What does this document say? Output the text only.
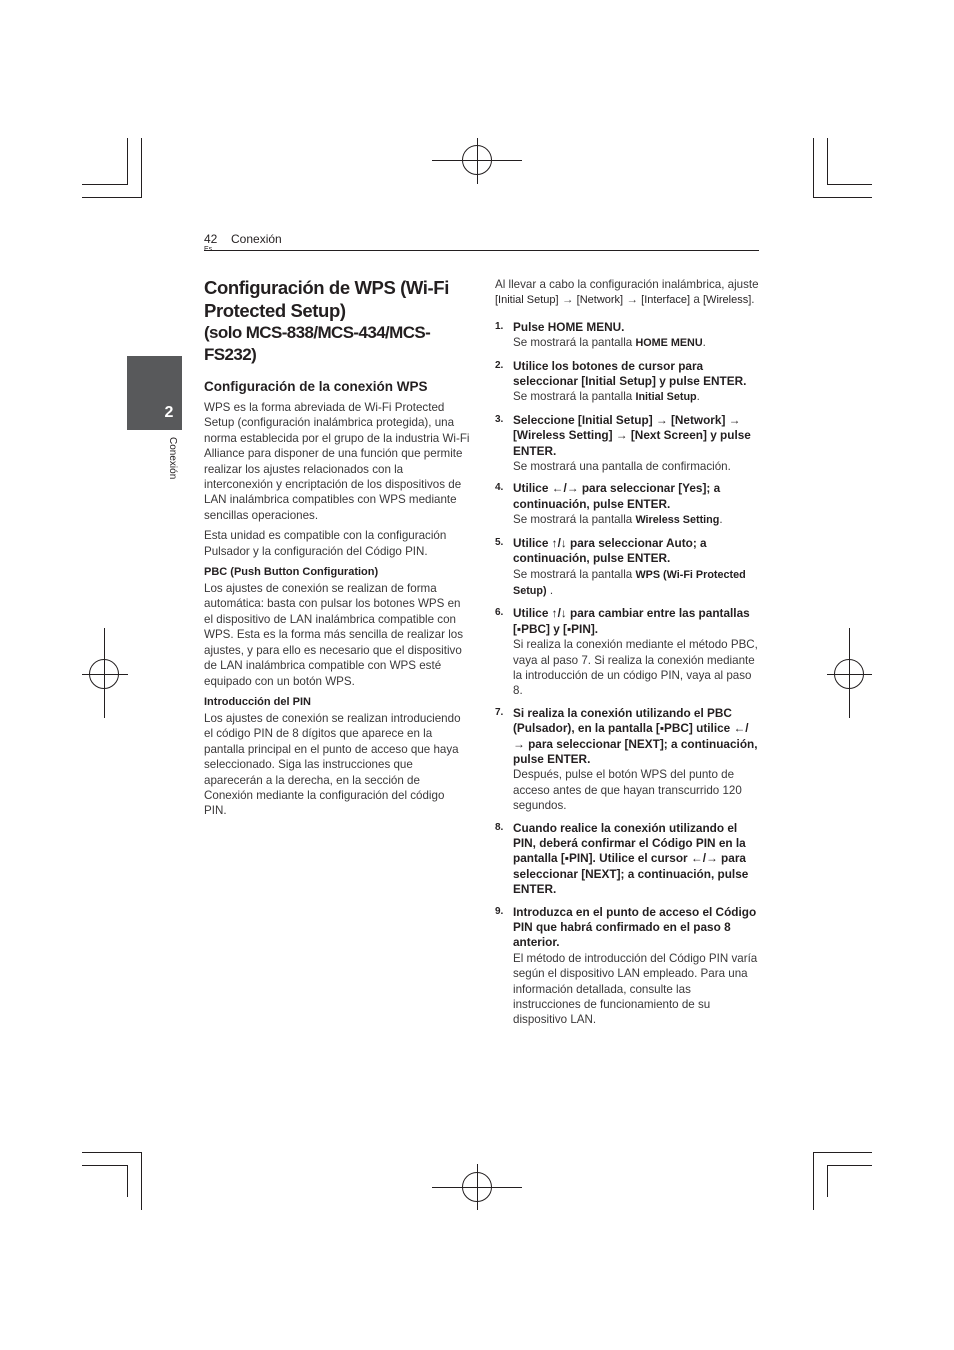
42 Conexión
2
Conexión
Configuración de WPS (Wi-Fi
Protected Setup)
(solo MCS-838/MCS-434/MCS-FS232)
Configuración de la conexión WPS

WPS es la forma abreviada de Wi-Fi Protected Setup (configuración inalámbrica protegida), una norma establecida por el grupo de la industria Wi-Fi Alliance para disponer de una función que permite realizar los ajustes relacionados con la interconexión y encriptación de los dispositivos de LAN inalámbrica compatibles con WPS mediante sencillas operaciones.

Esta unidad es compatible con la configuración Pulsador y la configuración del Código PIN.

PBC (Push Button Configuration)

Los ajustes de conexión se realizan de forma automática: basta con pulsar los botones WPS en el dispositivo de LAN inalámbrica compatible con WPS. Esta es la forma más sencilla de realizar los ajustes, y para ello es necesario que el dispositivo de LAN inalámbrica compatible con WPS esté equipado con un botón WPS.

Introducción del PIN

Los ajustes de conexión se realizan introduciendo el código PIN de 8 dígitos que aparece en la pantalla principal en el punto de acceso que haya seleccionado. Siga las instrucciones que aparecerán a la derecha, en la sección de Conexión mediante la configuración del código PIN.

Al llevar a cabo la configuración inalámbrica, ajuste [Initial Setup] → [Network] → [Interface] a [Wireless].

1. Pulse HOME MENU.

Se mostrará la pantalla HOME MENU.

2. Utilice los botones de cursor para seleccionar [Initial Setup] y pulse ENTER.

Se mostrará la pantalla Initial Setup.

3. Seleccione [Initial Setup] → [Network] → [Wireless Setting] → [Next Screen] y pulse ENTER.

Se mostrará una pantalla de confirmación.

4. Utilice ←/→ para seleccionar [Yes]; a continuación, pulse ENTER.

Se mostrará la pantalla Wireless Setting.

5. Utilice ↑/↓ para seleccionar Auto; a continuación, pulse ENTER.

Se mostrará la pantalla WPS (Wi-Fi Protected Setup) .

6. Utilice ↑/↓ para cambiar entre las pantallas [▪PBC] y [▪PIN].

Si realiza la conexión mediante el método PBC, vaya al paso 7. Si realiza la conexión mediante la introducción de un código PIN, vaya al paso 8.

7. Si realiza la conexión utilizando el PBC (Pulsador), en la pantalla [▪PBC] utilice ←/→ para seleccionar [NEXT]; a continuación, pulse ENTER.

Después, pulse el botón WPS del punto de acceso antes de que hayan transcurrido 120 segundos.

8. Cuando realice la conexión utilizando el PIN, deberá confirmar el Código PIN en la pantalla [▪PIN]. Utilice el cursor ←/→ para seleccionar [NEXT]; a continuación, pulse ENTER.

9. Introduzca en el punto de acceso el Código PIN que habrá confirmado en el paso 8 anterior.

El método de introducción del Código PIN varía según el dispositivo LAN empleado. Para una información detallada, consulte las instrucciones de funcionamiento de su dispositivo LAN.
